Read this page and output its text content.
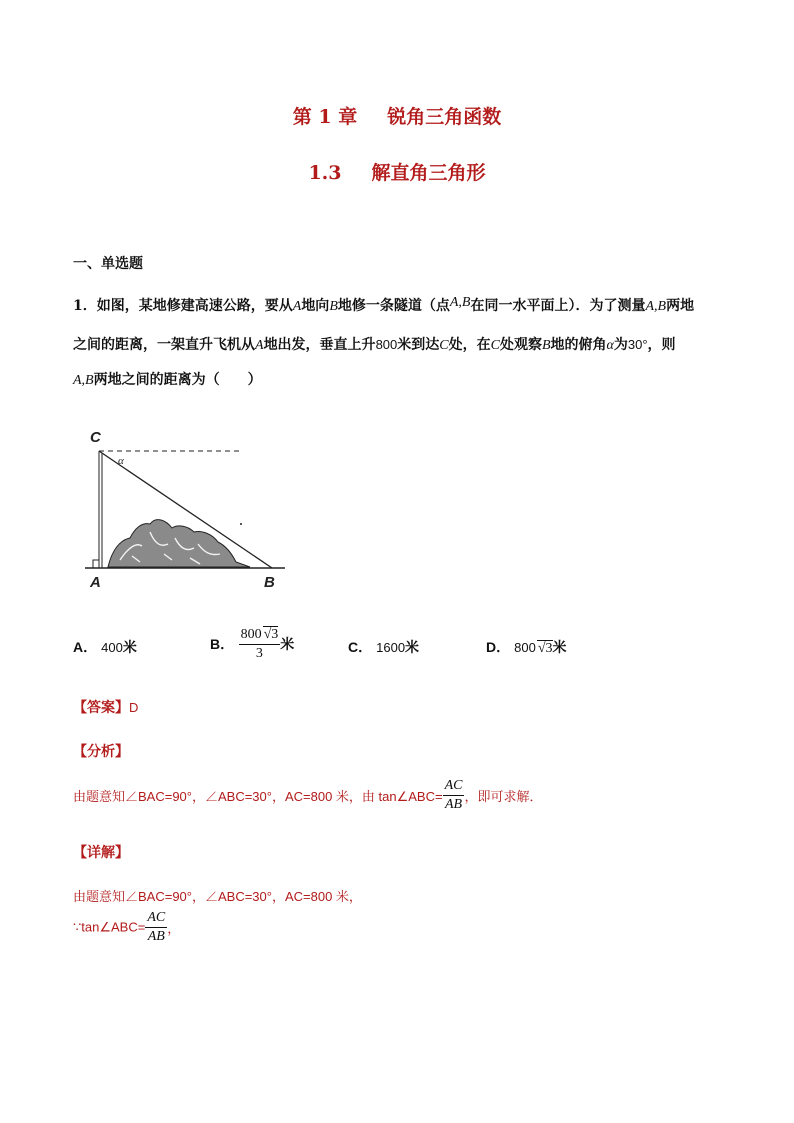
第 1 章 锐角三角函数
1.3 解直角三角形
一、单选题
1．如图，某地修建高速公路，要从A地向B地修一条隧道（点A,B在同一水平面上）．为了测量A,B两地
之间的距离，一架直升飞机从A地出发，垂直上升800米到达C处，在C处观察B地的俯角α为30°，则
A,B两地之间的距离为（　　）
C
A	B
α
A． 400米	B． $\frac{800 √3}{3}$ 米	C． 1600米	D． 800 √3米
【答案】D
【分析】
由题意知∠BAC=90°，∠ABC=30°，AC=800 米，由 tan∠ABC= $\frac{AC}{AB}$ ，即可求解．
【详解】
由题意知∠BAC=90°，∠ABC=30°，AC=800 米，
∵tan∠ABC= $\frac{AC}{AB}$ ，
